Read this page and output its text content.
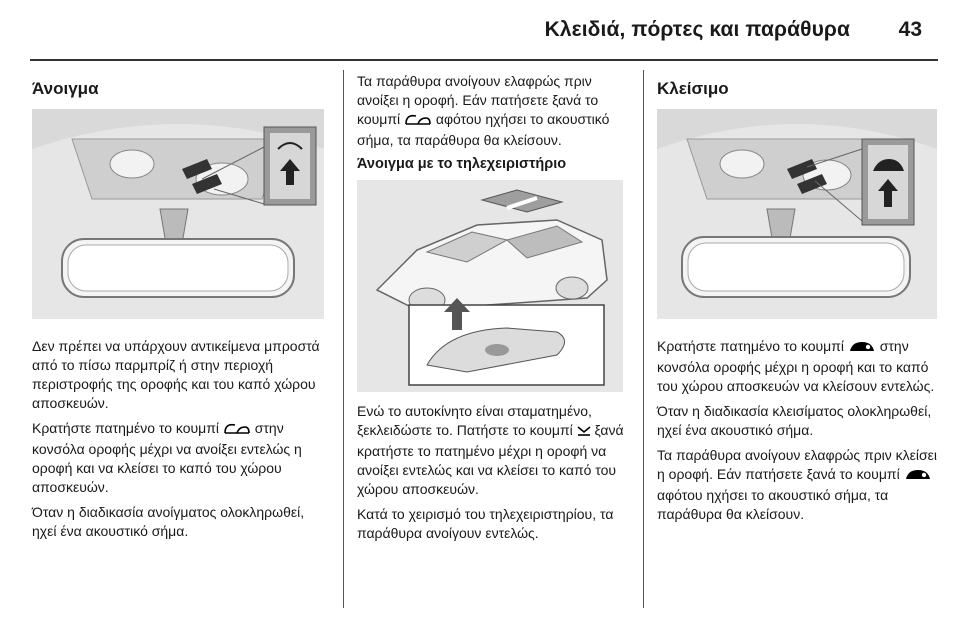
Κλειδιά, πόρτες και παράθυρα 43
Άνοιγμα

Δεν πρέπει να υπάρχουν αντικείμενα μπροστά από το πίσω παρμπρίζ ή στην περιοχή περιστροφής της οροφής και του καπό χώρου αποσκευών.

Κρατήστε πατημένο το κουμπί  στην κονσόλα οροφής μέχρι να ανοίξει εντελώς η οροφή και να κλείσει το καπό του χώρου αποσκευών.

Όταν η διαδικασία ανοίγματος ολοκληρωθεί, ηχεί ένα ακουστικό σήμα.

Τα παράθυρα ανοίγουν ελαφρώς πριν ανοίξει η οροφή. Εάν πατήσετε ξανά το κουμπί  αφότου ηχήσει το ακουστικό σήμα, τα παράθυρα θα κλείσουν.

Άνοιγμα με το τηλεχειριστήριο

Ενώ το αυτοκίνητο είναι σταματημένο, ξεκλειδώστε το. Πατήστε το κουμπί  ξανά κρατήστε το πατημένο μέχρι η οροφή να ανοίξει εντελώς και να κλείσει το καπό του χώρου αποσκευών.

Κατά το χειρισμό του τηλεχειριστηρίου, τα παράθυρα ανοίγουν εντελώς.

Κλείσιμο

Κρατήστε πατημένο το κουμπί  στην κονσόλα οροφής μέχρι η οροφή και το καπό του χώρου αποσκευών να κλείσουν εντελώς.

Όταν η διαδικασία κλεισίματος ολοκληρωθεί, ηχεί ένα ακουστικό σήμα.

Τα παράθυρα ανοίγουν ελαφρώς πριν κλείσει η οροφή. Εάν πατήσετε ξανά το κουμπί  αφότου ηχήσει το ακουστικό σήμα, τα παράθυρα θα κλείσουν.
